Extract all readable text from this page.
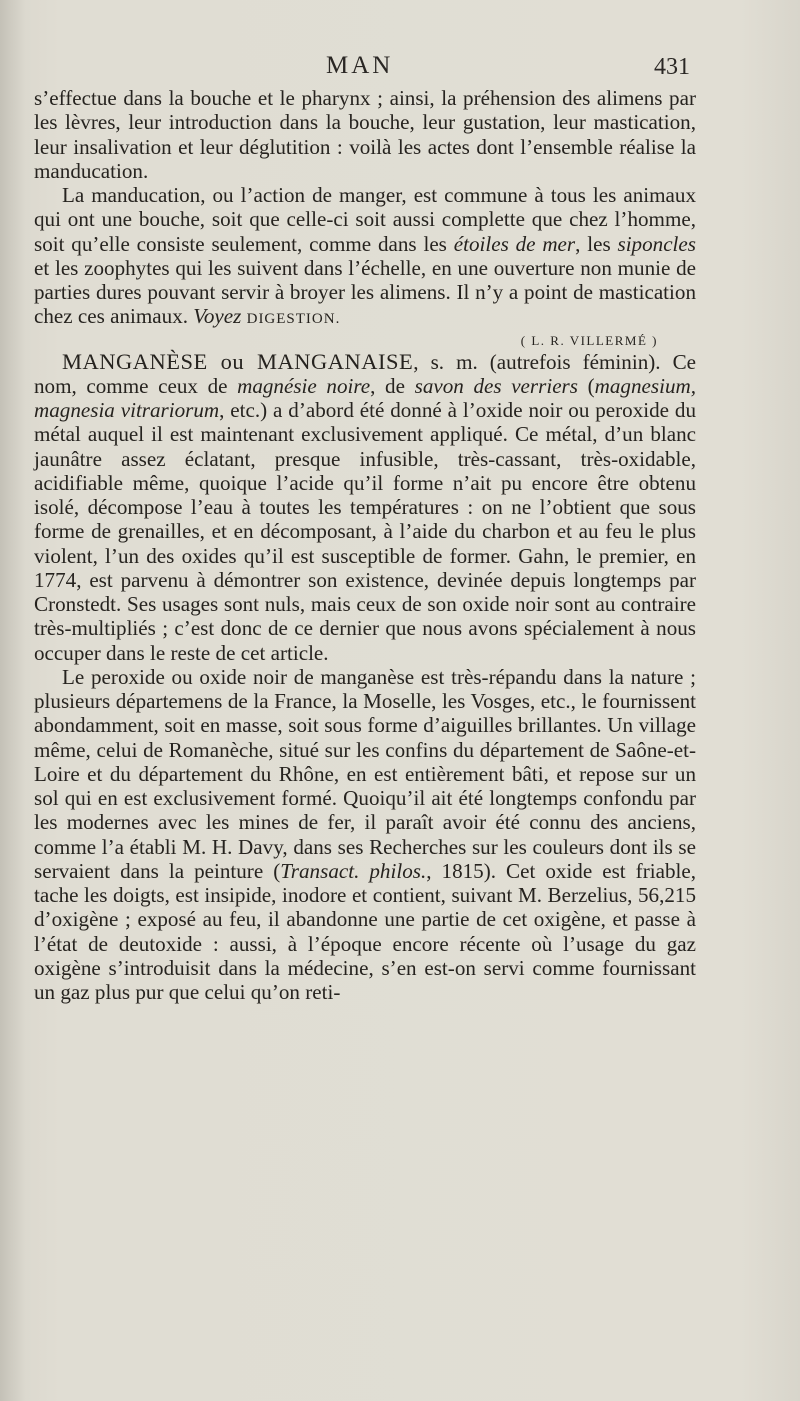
MAN	431

s’effectue dans la bouche et le pharynx ; ainsi, la préhension des alimens par les lèvres, leur introduction dans la bouche, leur gustation, leur mastication, leur insalivation et leur déglutition : voilà les actes dont l’ensemble réalise la manducation.

La manducation, ou l’action de manger, est commune à tous les animaux qui ont une bouche, soit que celle-ci soit aussi complette que chez l’homme, soit qu’elle consiste seulement, comme dans les étoiles de mer, les siponcles et les zoophytes qui les suivent dans l’échelle, en une ouverture non munie de parties dures pouvant servir à broyer les alimens. Il n’y a point de mastication chez ces animaux. Voyez DIGESTION.

( L. R. VILLERMÉ )

MANGANÈSE ou MANGANAISE, s. m. (autrefois féminin). Ce nom, comme ceux de magnésie noire, de savon des verriers (magnesium, magnesia vitrariorum, etc.) a d’abord été donné à l’oxide noir ou peroxide du métal auquel il est maintenant exclusivement appliqué. Ce métal, d’un blanc jaunâtre assez éclatant, presque infusible, très-cassant, très-oxidable, acidifiable même, quoique l’acide qu’il forme n’ait pu encore être obtenu isolé, décompose l’eau à toutes les températures : on ne l’obtient que sous forme de grenailles, et en décomposant, à l’aide du charbon et au feu le plus violent, l’un des oxides qu’il est susceptible de former. Gahn, le premier, en 1774, est parvenu à démontrer son existence, devinée depuis longtemps par Cronstedt. Ses usages sont nuls, mais ceux de son oxide noir sont au contraire très-multipliés ; c’est donc de ce dernier que nous avons spécialement à nous occuper dans le reste de cet article.

Le peroxide ou oxide noir de manganèse est très-répandu dans la nature ; plusieurs départemens de la France, la Moselle, les Vosges, etc., le fournissent abondamment, soit en masse, soit sous forme d’aiguilles brillantes. Un village même, celui de Romanèche, situé sur les confins du département de Saône-et-Loire et du département du Rhône, en est entièrement bâti, et repose sur un sol qui en est exclusivement formé. Quoiqu’il ait été longtemps confondu par les modernes avec les mines de fer, il paraît avoir été connu des anciens, comme l’a établi M. H. Davy, dans ses Recherches sur les couleurs dont ils se servaient dans la peinture (Transact. philos., 1815). Cet oxide est friable, tache les doigts, est insipide, inodore et contient, suivant M. Berzelius, 56,215 d’oxigène ; exposé au feu, il abandonne une partie de cet oxigène, et passe à l’état de deutoxide : aussi, à l’époque encore récente où l’usage du gaz oxigène s’introduisit dans la médecine, s’en est-on servi comme fournissant un gaz plus pur que celui qu’on reti-
